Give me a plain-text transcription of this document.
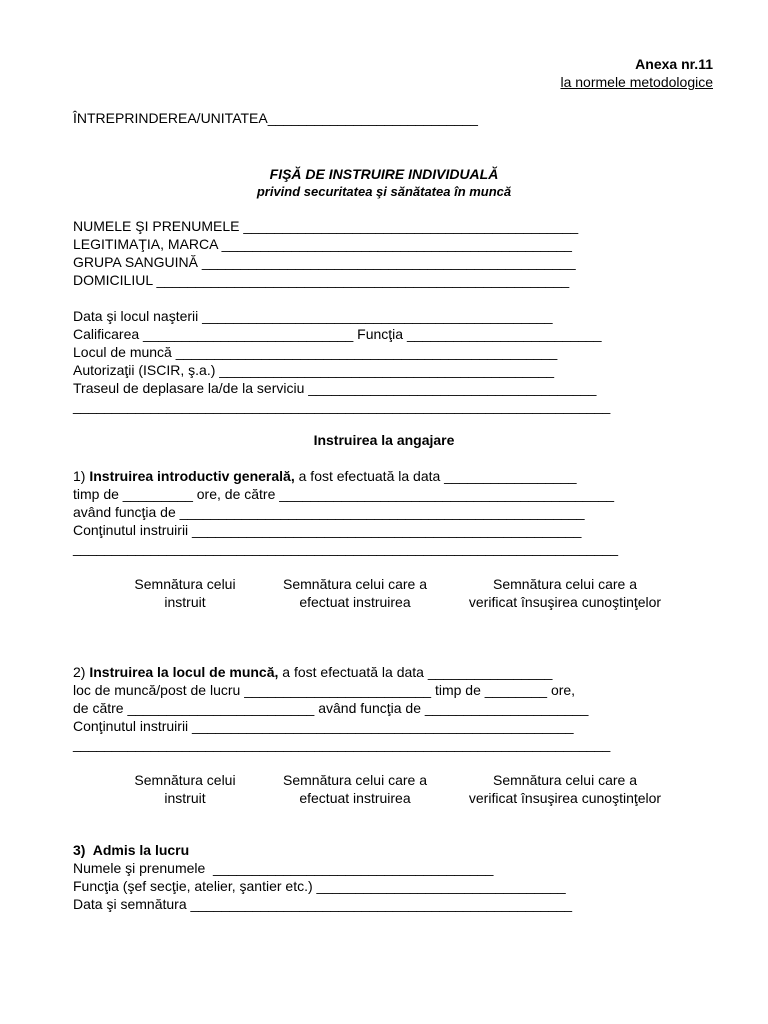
Anexa nr.11
la normele metodologice
ÎNTREPRINDEREA/UNITATEA___________________________
FIŞĂ DE INSTRUIRE INDIVIDUALĂ
privind securitatea şi sănătatea în muncă
NUMELE ŞI PRENUMELE ___________________________________________
LEGITIMAŢIA, MARCA _____________________________________________
GRUPA SANGUINĂ ________________________________________________
DOMICILIUL _____________________________________________________
Data şi locul naşterii _____________________________________________
Calificarea ___________________________ Funcţia _________________________
Locul de muncă _________________________________________________
Autorizaţii (ISCIR, ş.a.) ___________________________________________
Traseul de deplasare la/de la serviciu _____________________________________
_____________________________________________________________________
Instruirea la angajare
1) Instruirea introductiv generală, a fost efectuată la data _________________
timp de _________ ore, de către ___________________________________________
având funcţia de ____________________________________________________
Conţinutul instruirii __________________________________________________
______________________________________________________________________
Semnătura celui
instruit
Semnătura celui care a
efectuat instruirea
Semnătura celui care a
verificat însuşirea cunoştinţelor
2) Instruirea la locul de muncă, a fost efectuată la data ________________
loc de muncă/post de lucru ________________________ timp de ________ ore,
de către ________________________ având funcţia de _____________________
Conţinutul instruirii _________________________________________________
_____________________________________________________________________
Semnătura celui
instruit
Semnătura celui care a
efectuat instruirea
Semnătura celui care a
verificat însuşirea cunoştinţelor
3)  Admis la lucru
Numele şi prenumele  ____________________________________
Funcţia (şef secţie, atelier, şantier etc.) ________________________________
Data şi semnătura _________________________________________________
